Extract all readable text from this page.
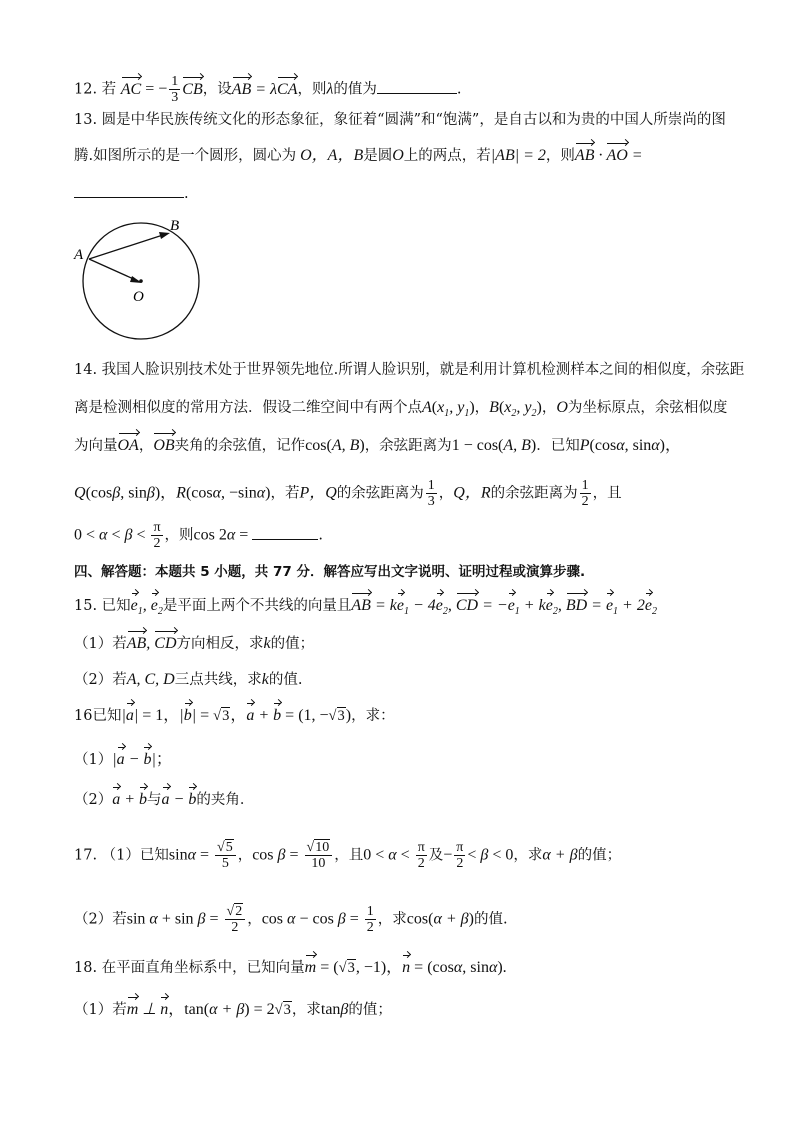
12. 若 AC = − $\frac{1}{3}$ CB，设AB = λCA，则λ的值为	.
13. 圆是中华民族传统文化的形态象征，象征着“圆满”和“饱满”，是自古以和为贵的中国人所崇尚的图
腾.如图所示的是一个圆形，圆心为 O，A，B是圆O上的两点，若|AB| = 2，则AB · AO =
.
A
B
O
14. 我国人脸识别技术处于世界领先地位.所谓人脸识别，就是利用计算机检测样本之间的相似度，余弦距
离是检测相似度的常用方法．假设二维空间中有两个点$A(x_1$, $y_1$)，$B(x_2$, $y_2$)，O为坐标原点，余弦相似度
为向量OA，OB夹角的余弦值，记作cos(A, B)，余弦距离为1 − cos(A, B)．已知P(cosα, sinα)，
Q(cosβ, sinβ)，R(cosα, −sinα)，若P，Q的余弦距离为 $\frac{1}{3}$ ，Q，R的余弦距离为 $\frac{1}{2}$ ，且
$0 < \alpha < \beta < \frac{\pi}{2}$ ，则cos 2α =	.
四、解答题：本题共 5 小题，共 77 分．解答应写出文字说明、证明过程或演算步骤.
15. 已知$e_1$, $e_2$是平面上两个不共线的向量且AB = $ke_1 - 4e_2$, CD = $-e_1 + ke_2$, BD = $e_1 + 2e_2$
（1）若AB, CD方向相反，求k的值；
（2）若A, C, D三点共线，求k的值.
16已知|a| = 1，|b| = √3，a + b = (1, −√3)，求：
（1）|a − b|；
（2）a + b与a − b的夹角．
17. （1）已知$\sin\alpha = \frac{√5}{5}$ ，$\cos \beta = \frac{√10}{10}$ ，且$0 < \alpha < \frac{\pi}{2}$ 及− $\frac{\pi}{2} < \beta < 0$，求α + β的值；
（2）若$\sin \alpha + \sin \beta = \frac{√2}{2}$ ，$\cos \alpha - \cos \beta = \frac{1}{2}$ ，求cos(α + β)的值.
18. 在平面直角坐标系中，已知向量m = (√3, −1)，n = (cosα, sinα).
（1）若m ⊥ n，tan(α + β) = 2√3，求tanβ的值；
